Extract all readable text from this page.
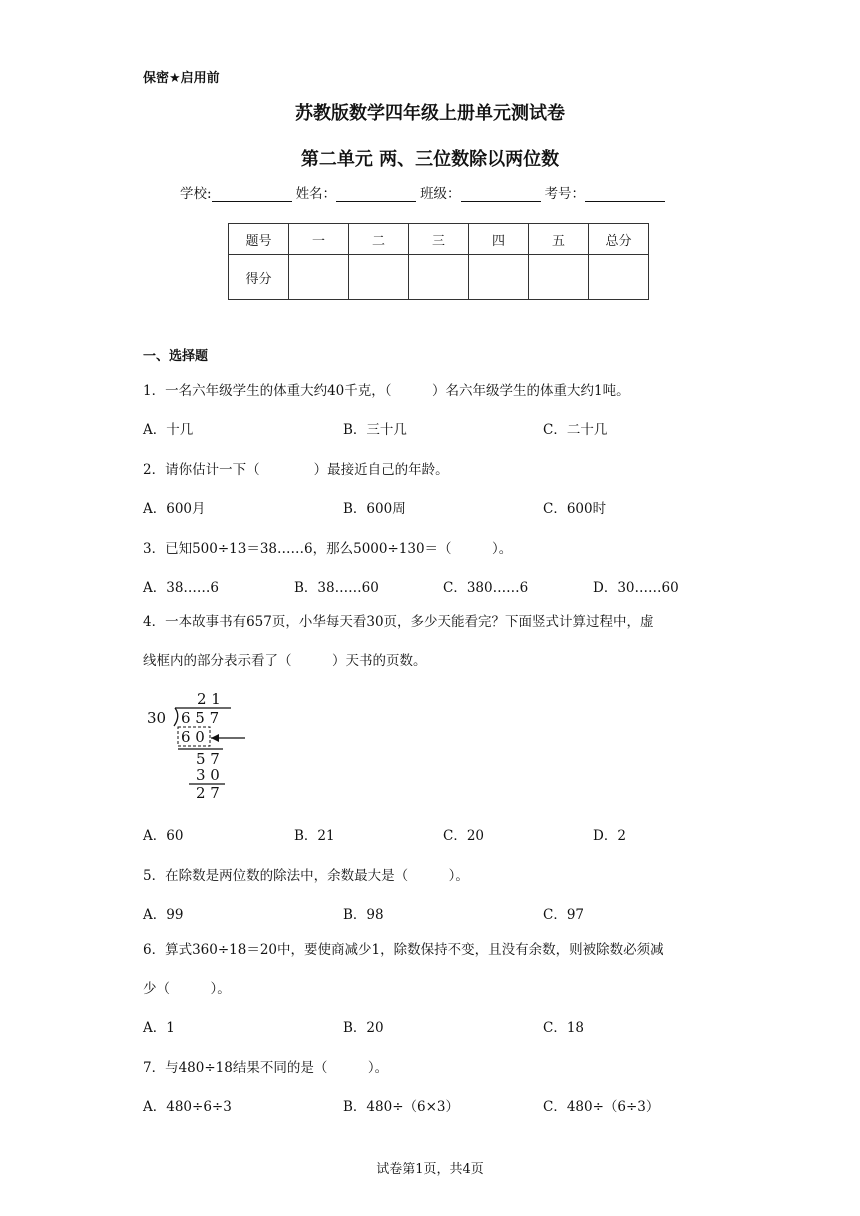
保密★启用前
苏教版数学四年级上册单元测试卷
第二单元 两、三位数除以两位数
学校:	姓名：	班级：	考号：
题号	一	二	三	四	五	总分
得分						
一、选择题
1．一名六年级学生的体重大约40千克，（　　　）名六年级学生的体重大约1吨。
A．十几	B．三十几	C．二十几
2．请你估计一下（　　　　）最接近自己的年龄。
A．600月	B．600周	C．600时
3．已知500÷13＝38……6，那么5000÷130＝（　　　）。
A．38……6	B．38……60	C．380……6	D．30……60
4．一本故事书有657页，小华每天看30页，多少天能看完？下面竖式计算过程中，虚
线框内的部分表示看了（　　　）天书的页数。
2 1
30 6 5 7
6 0
5 7
3 0
2 7
A．60	B．21	C．20	D．2
5．在除数是两位数的除法中，余数最大是（　　　）。
A．99	B．98	C．97
6．算式360÷18＝20中，要使商减少1，除数保持不变，且没有余数，则被除数必须减
少（　　　）。
A．1	B．20	C．18
7．与480÷18结果不同的是（　　　）。
A．480÷6÷3	B．480÷（6×3）	C．480÷（6÷3）
试卷第1页，共4页
